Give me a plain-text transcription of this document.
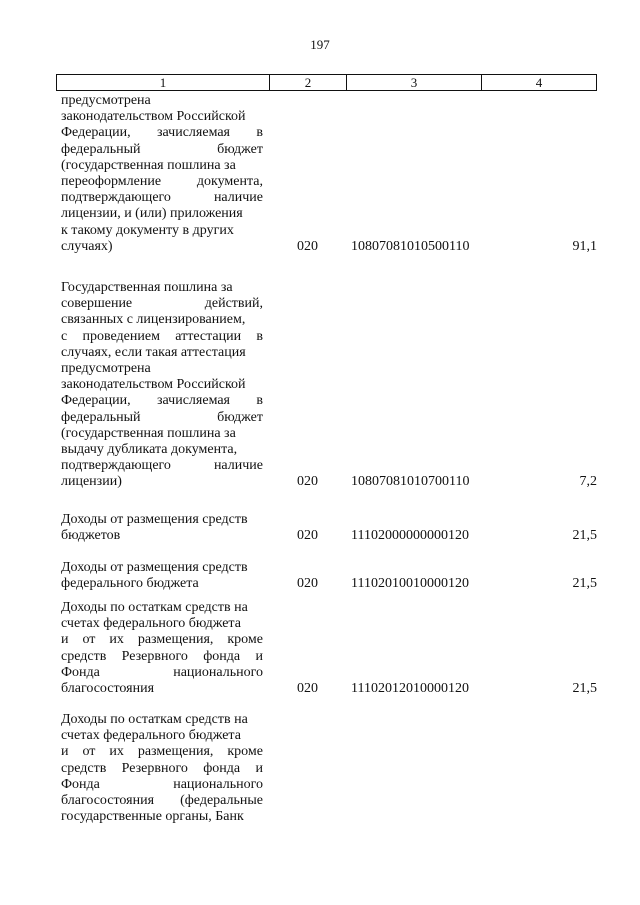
197
1	2	3	4
предусмотрена
законодательством Российской
Федерации, зачисляемая в
федеральный	бюджет
(государственная пошлина за
переоформление	документа,
подтверждающего	наличие
лицензии, и (или) приложения
к такому документу в других
случаях)	020 10807081010500110	91,1
Государственная пошлина за
совершение	действий,
связанных с лицензированием,
с проведением аттестации в
случаях, если такая аттестация
предусмотрена
законодательством Российской
Федерации, зачисляемая в
федеральный	бюджет
(государственная пошлина за
выдачу дубликата документа,
подтверждающего	наличие
лицензии)	020 10807081010700110	7,2
Доходы от размещения средств
бюджетов	020 11102000000000120	21,5
Доходы от размещения средств
федерального бюджета	020 11102010010000120	21,5
Доходы по остаткам средств на
счетах федерального бюджета
и от их размещения, кроме
средств Резервного фонда и
Фонда	национального
благосостояния	020 11102012010000120	21,5
Доходы по остаткам средств на
счетах федерального бюджета
и от их размещения, кроме
средств Резервного фонда и
Фонда	национального
благосостояния (федеральные
государственные органы, Банк
